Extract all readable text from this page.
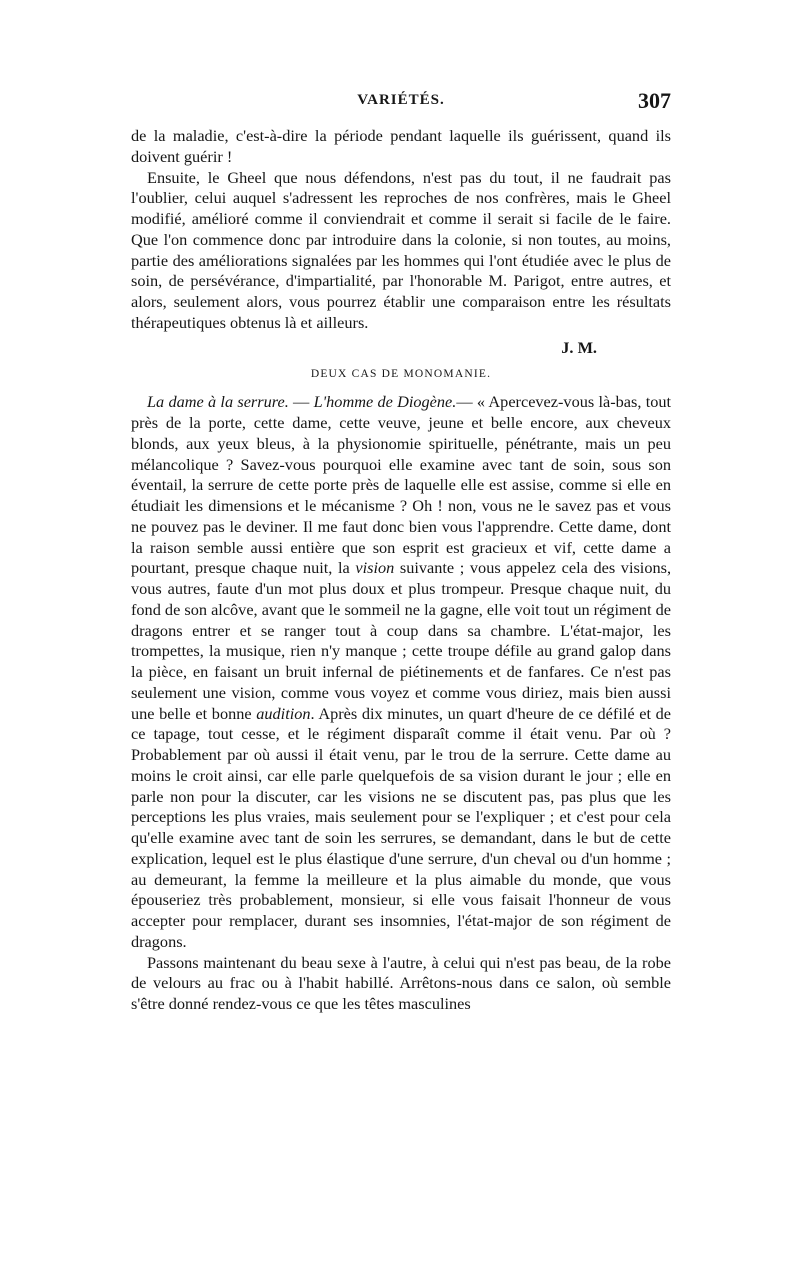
VARIÉTÉS.	307

de la maladie, c'est-à-dire la période pendant laquelle ils guérissent, quand ils doivent guérir !

Ensuite, le Gheel que nous défendons, n'est pas du tout, il ne faudrait pas l'oublier, celui auquel s'adressent les reproches de nos confrères, mais le Gheel modifié, amélioré comme il conviendrait et comme il serait si facile de le faire. Que l'on commence donc par introduire dans la colonie, si non toutes, au moins, partie des améliorations signalées par les hommes qui l'ont étudiée avec le plus de soin, de persévérance, d'impartialité, par l'honorable M. Parigot, entre autres, et alors, seulement alors, vous pourrez établir une comparaison entre les résultats thérapeutiques obtenus là et ailleurs.

J. M.
DEUX CAS DE MONOMANIE.

La dame à la serrure. — L'homme de Diogène.— « Apercevez-vous là-bas, tout près de la porte, cette dame, cette veuve, jeune et belle encore, aux cheveux blonds, aux yeux bleus, à la physionomie spirituelle, pénétrante, mais un peu mélancolique ? Savez-vous pourquoi elle examine avec tant de soin, sous son éventail, la serrure de cette porte près de laquelle elle est assise, comme si elle en étudiait les dimensions et le mécanisme ? Oh ! non, vous ne le savez pas et vous ne pouvez pas le deviner. Il me faut donc bien vous l'apprendre. Cette dame, dont la raison semble aussi entière que son esprit est gracieux et vif, cette dame a pourtant, presque chaque nuit, la vision suivante ; vous appelez cela des visions, vous autres, faute d'un mot plus doux et plus trompeur. Presque chaque nuit, du fond de son alcôve, avant que le sommeil ne la gagne, elle voit tout un régiment de dragons entrer et se ranger tout à coup dans sa chambre. L'état-major, les trompettes, la musique, rien n'y manque ; cette troupe défile au grand galop dans la pièce, en faisant un bruit infernal de piétinements et de fanfares. Ce n'est pas seulement une vision, comme vous voyez et comme vous diriez, mais bien aussi une belle et bonne audition. Après dix minutes, un quart d'heure de ce défilé et de ce tapage, tout cesse, et le régiment disparaît comme il était venu. Par où ? Probablement par où aussi il était venu, par le trou de la serrure. Cette dame au moins le croit ainsi, car elle parle quelquefois de sa vision durant le jour ; elle en parle non pour la discuter, car les visions ne se discutent pas, pas plus que les perceptions les plus vraies, mais seulement pour se l'expliquer ; et c'est pour cela qu'elle examine avec tant de soin les serrures, se demandant, dans le but de cette explication, lequel est le plus élastique d'une serrure, d'un cheval ou d'un homme ; au demeurant, la femme la meilleure et la plus aimable du monde, que vous épouseriez très probablement, monsieur, si elle vous faisait l'honneur de vous accepter pour remplacer, durant ses insomnies, l'état-major de son régiment de dragons.

Passons maintenant du beau sexe à l'autre, à celui qui n'est pas beau, de la robe de velours au frac ou à l'habit habillé. Arrêtons-nous dans ce salon, où semble s'être donné rendez-vous ce que les têtes masculines
